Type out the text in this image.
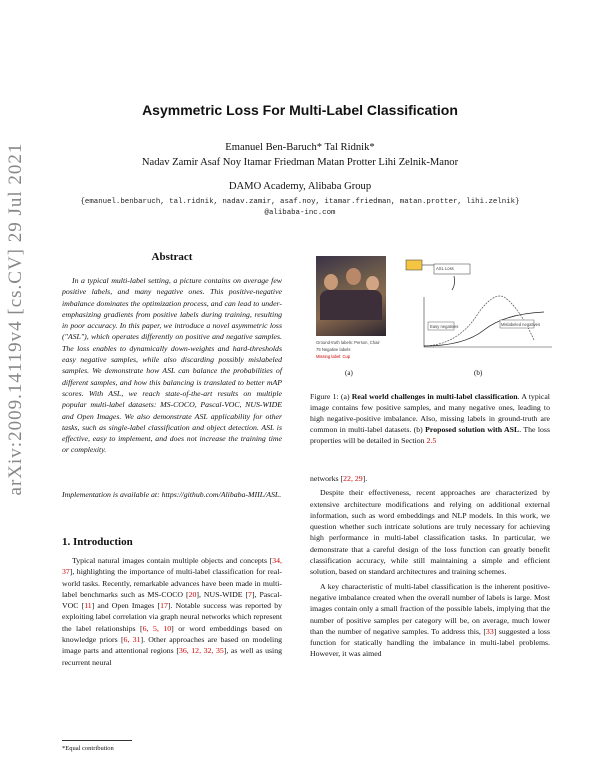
arXiv:2009.14119v4 [cs.CV] 29 Jul 2021
Asymmetric Loss For Multi-Label Classification
Emanuel Ben-Baruch* Tal Ridnik*
Nadav Zamir Asaf Noy Itamar Friedman Matan Protter Lihi Zelnik-Manor
DAMO Academy, Alibaba Group
{emanuel.benbaruch, tal.ridnik, nadav.zamir, asaf.noy, itamar.friedman, matan.protter, lihi.zelnik}
@alibaba-inc.com
Abstract
In a typical multi-label setting, a picture contains on average few positive labels, and many negative ones. This positive-negative imbalance dominates the optimization process, and can lead to under-emphasizing gradients from positive labels during training, resulting in poor accuracy. In this paper, we introduce a novel asymmetric loss ("ASL"), which operates differently on positive and negative samples. The loss enables to dynamically down-weights and hard-thresholds easy negative samples, while also discarding possibly mislabeled samples. We demonstrate how ASL can balance the probabilities of different samples, and how this balancing is translated to better mAP scores. With ASL, we reach state-of-the-art results on multiple popular multi-label datasets: MS-COCO, Pascal-VOC, NUS-WIDE and Open Images. We also demonstrate ASL applicability for other tasks, such as single-label classification and object detection. ASL is effective, easy to implement, and does not increase the training time or complexity.
Implementation is available at: https://github.com/Alibaba-MIIL/ASL.
1. Introduction

Typical natural images contain multiple objects and concepts [34, 37], highlighting the importance of multi-label classification for real-world tasks. Recently, remarkable advances have been made in multi-label benchmarks such as MS-COCO [20], NUS-WIDE [7], Pascal-VOC [11] and Open Images [17]. Notable success was reported by exploiting label correlation via graph neural networks which represent the label relationships [6, 5, 10] or word embeddings based on knowledge priors [6, 31]. Other approaches are based on modeling image parts and attentional regions [36, 12, 32, 35], as well as using recurrent neural

*Equal contribution
Ground-truth labels: Person, Chair
75 Negative labels
Missing label: Cup
ASL Loss
Easy negatives	Mislabeled negatives
(a)	(b)
Figure 1: (a) Real world challenges in multi-label classification. A typical image contains few positive samples, and many negative ones, leading to high negative-positive imbalance. Also, missing labels in ground-truth are common in multi-label datasets. (b) Proposed solution with ASL. The loss properties will be detailed in Section 2.5

networks [22, 29].

Despite their effectiveness, recent approaches are characterized by extensive architecture modifications and relying on additional external information, such as word embeddings and NLP models. In this work, we question whether such intricate solutions are truly necessary for achieving high performance in multi-label classification tasks. In particular, we demonstrate that a careful design of the loss function can greatly benefit classification accuracy, while still maintaining a simple and efficient solution, based on standard architectures and training schemes.

A key characteristic of multi-label classification is the inherent positive-negative imbalance created when the overall number of labels is large. Most images contain only a small fraction of the possible labels, implying that the number of positive samples per category will be, on average, much lower than the number of negative samples. To address this, [33] suggested a loss function for statically handling the imbalance in multi-label problems. However, it was aimed
